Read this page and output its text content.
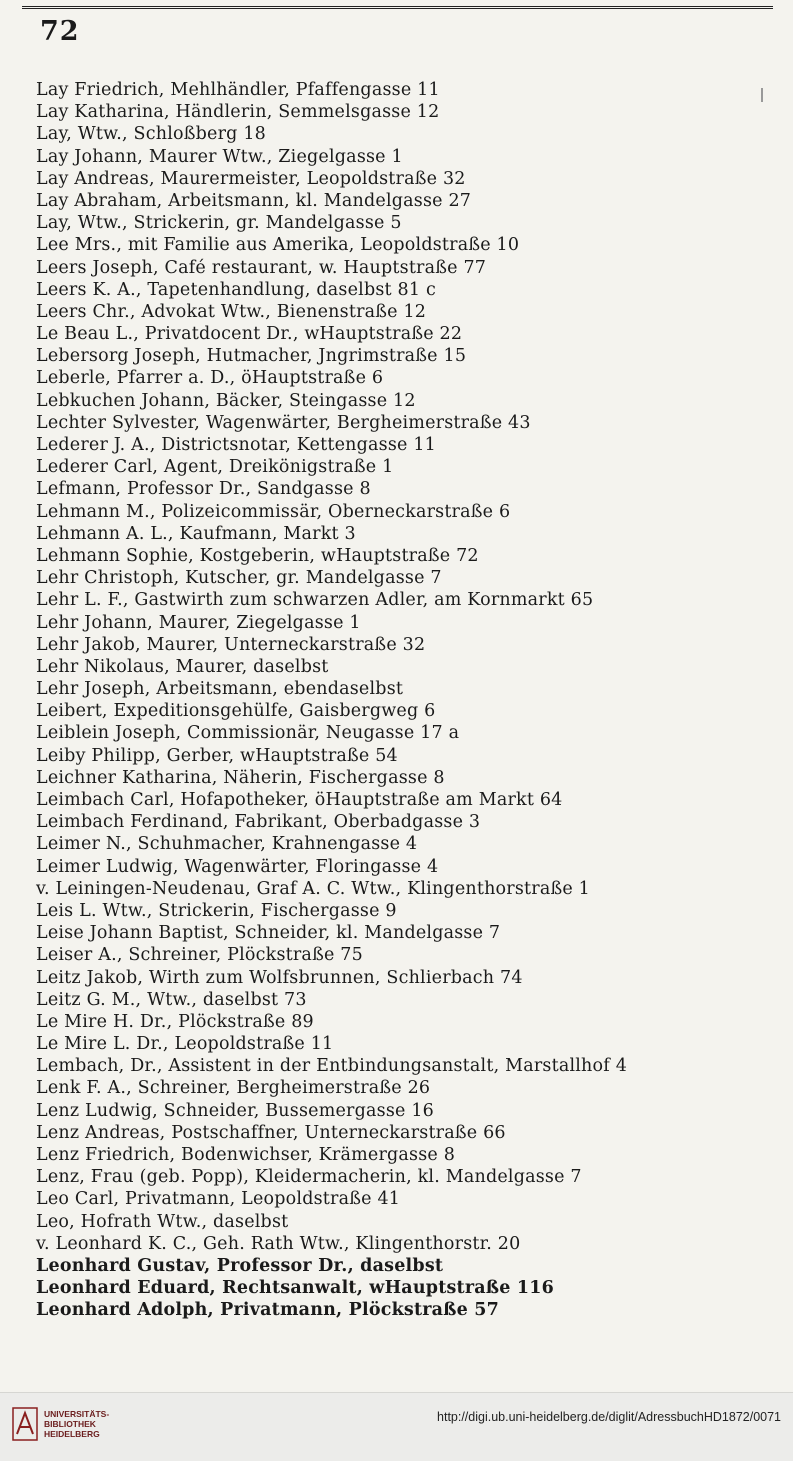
72
Lay Friedrich, Mehlhändler, Pfaffengasse 11
Lay Katharina, Händlerin, Semmelsgasse 12
Lay, Wtw., Schloßberg 18
Lay Johann, Maurer Wtw., Ziegelgasse 1
Lay Andreas, Maurermeister, Leopoldstraße 32
Lay Abraham, Arbeitsmann, kl. Mandelgasse 27
Lay, Wtw., Strickerin, gr. Mandelgasse 5
Lee Mrs., mit Familie aus Amerika, Leopoldstraße 10
Leers Joseph, Café restaurant, w. Hauptstraße 77
Leers K. A., Tapetenhandlung, daselbst 81 c
Leers Chr., Advokat Wtw., Bienenstraße 12
Le Beau L., Privatdocent Dr., wHauptstraße 22
Lebersorg Joseph, Hutmacher, Jngrimstraße 15
Leberle, Pfarrer a. D., öHauptstraße 6
Lebkuchen Johann, Bäcker, Steingasse 12
Lechter Sylvester, Wagenwärter, Bergheimerstraße 43
Lederer J. A., Districtsnotar, Kettengasse 11
Lederer Carl, Agent, Dreikönigstraße 1
Lefmann, Professor Dr., Sandgasse 8
Lehmann M., Polizeicommissär, Oberneckarstraße 6
Lehmann A. L., Kaufmann, Markt 3
Lehmann Sophie, Kostgeberin, wHauptstraße 72
Lehr Christoph, Kutscher, gr. Mandelgasse 7
Lehr L. F., Gastwirth zum schwarzen Adler, am Kornmarkt 65
Lehr Johann, Maurer, Ziegelgasse 1
Lehr Jakob, Maurer, Unterneckarstraße 32
Lehr Nikolaus, Maurer, daselbst
Lehr Joseph, Arbeitsmann, ebendaselbst
Leibert, Expeditionsgehülfe, Gaisbergweg 6
Leiblein Joseph, Commissionär, Neugasse 17 a
Leiby Philipp, Gerber, wHauptstraße 54
Leichner Katharina, Näherin, Fischergasse 8
Leimbach Carl, Hofapotheker, öHauptstraße am Markt 64
Leimbach Ferdinand, Fabrikant, Oberbadgasse 3
Leimer N., Schuhmacher, Krahnengasse 4
Leimer Ludwig, Wagenwärter, Floringasse 4
v. Leiningen-Neudenau, Graf A. C. Wtw., Klingenthorstraße 1
Leis L. Wtw., Strickerin, Fischergasse 9
Leise Johann Baptist, Schneider, kl. Mandelgasse 7
Leiser A., Schreiner, Plöckstraße 75
Leitz Jakob, Wirth zum Wolfsbrunnen, Schlierbach 74
Leitz G. M., Wtw., daselbst 73
Le Mire H. Dr., Plöckstraße 89
Le Mire L. Dr., Leopoldstraße 11
Lembach, Dr., Assistent in der Entbindungsanstalt, Marstallhof 4
Lenk F. A., Schreiner, Bergheimerstraße 26
Lenz Ludwig, Schneider, Bussemergasse 16
Lenz Andreas, Postschaffner, Unterneckarstraße 66
Lenz Friedrich, Bodenwichser, Krämergasse 8
Lenz, Frau (geb. Popp), Kleidermacherin, kl. Mandelgasse 7
Leo Carl, Privatmann, Leopoldstraße 41
Leo, Hofrath Wtw., daselbst
v. Leonhard K. C., Geh. Rath Wtw., Klingenthorstr. 20
Leonhard Gustav, Professor Dr., daselbst
Leonhard Eduard, Rechtsanwalt, wHauptstraße 116
Leonhard Adolph, Privatmann, Plöckstraße 57
UNIVERSITÄTS-
BIBLIOTHEK
HEIDELBERG
http://digi.ub.uni-heidelberg.de/diglit/AdressbuchHD1872/0071
